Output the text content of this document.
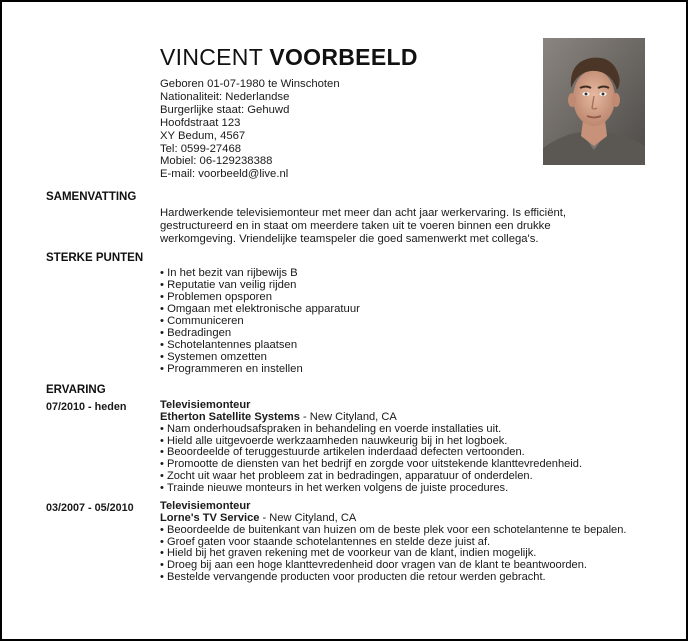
VINCENT VOORBEELD
Geboren 01-07-1980 te Winschoten
Nationaliteit: Nederlandse
Burgerlijke staat: Gehuwd
Hoofdstraat 123
XY Bedum, 4567
Tel: 0599-27468
Mobiel: 06-129238388
E-mail: voorbeeld@live.nl
SAMENVATTING
Hardwerkende televisiemonteur met meer dan acht jaar werkervaring. Is efficiënt, gestructureerd en in staat om meerdere taken uit te voeren binnen een drukke werkomgeving. Vriendelijke teamspeler die goed samenwerkt met collega's.
STERKE PUNTEN
• In het bezit van rijbewijs B
• Reputatie van veilig rijden
• Problemen opsporen
• Omgaan met elektronische apparatuur
• Communiceren
• Bedradingen
• Schotelantennes plaatsen
• Systemen omzetten
• Programmeren en instellen
ERVARING
07/2010 - heden	Televisiemonteur
Etherton Satellite Systems - New Cityland, CA
• Nam onderhoudsafspraken in behandeling en voerde installaties uit.
• Hield alle uitgevoerde werkzaamheden nauwkeurig bij in het logboek.
• Beoordeelde of teruggestuurde artikelen inderdaad defecten vertoonden.
• Promootte de diensten van het bedrijf en zorgde voor uitstekende klanttevredenheid.
• Zocht uit waar het probleem zat in bedradingen, apparatuur of onderdelen.
• Traindе nieuwe monteurs in het werken volgens de juiste procedures.
03/2007 - 05/2010 Televisiemonteur
Lorne's TV Service - New Cityland, CA
• Beoordeelde de buitenkant van huizen om de beste plek voor een schotelantenne te bepalen.
• Groef gaten voor staande schotelantennes en stelde deze juist af.
• Hield bij het graven rekening met de voorkeur van de klant, indien mogelijk.
• Droeg bij aan een hoge klanttevredenheid door vragen van de klant te beantwoorden.
• Bestelde vervangende producten voor producten die retour werden gebracht.
